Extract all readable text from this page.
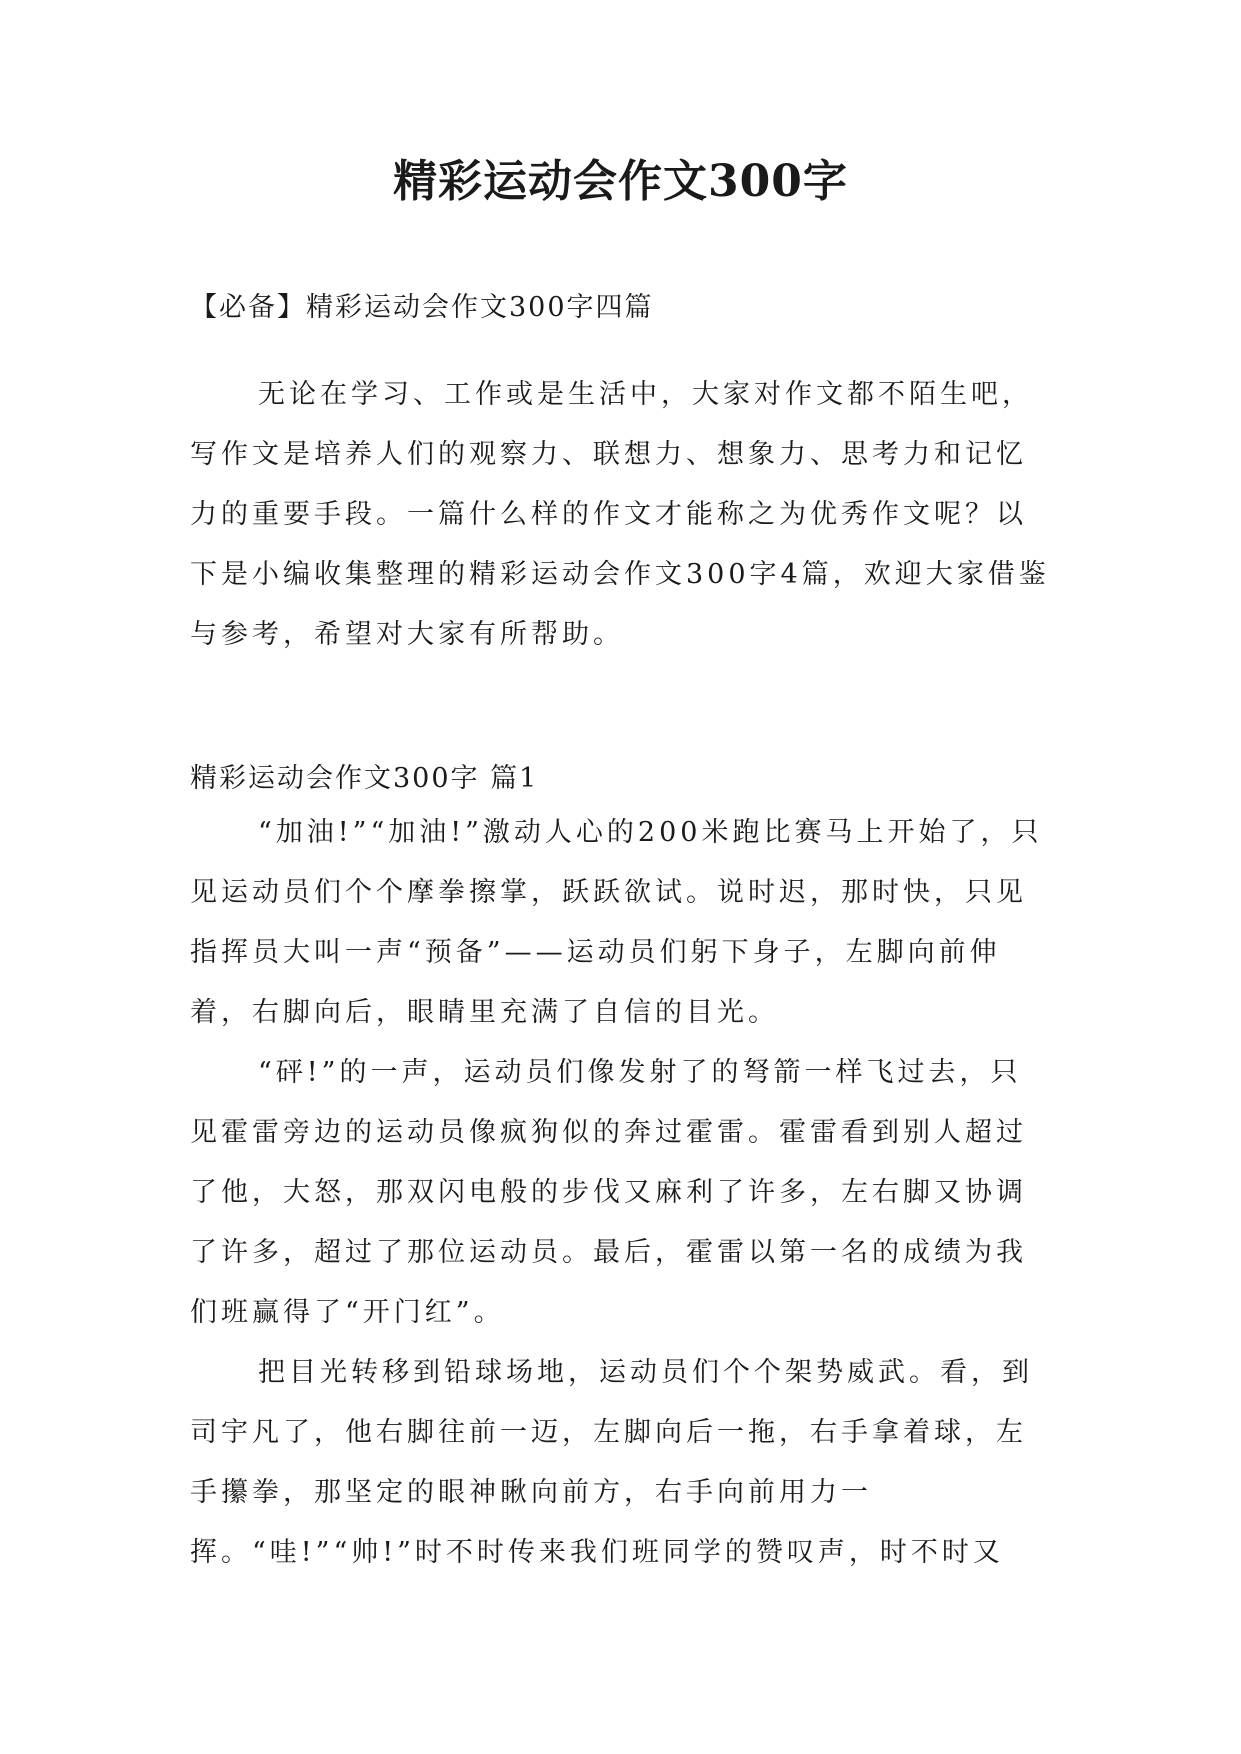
精彩运动会作文300字

【必备】精彩运动会作文300字四篇

无论在学习、工作或是生活中，大家对作文都不陌生吧，写作文是培养人们的观察力、联想力、想象力、思考力和记忆力的重要手段。一篇什么样的作文才能称之为优秀作文呢？以下是小编收集整理的精彩运动会作文300字4篇，欢迎大家借鉴与参考，希望对大家有所帮助。

精彩运动会作文300字 篇1

“加油!”“加油!”激动人心的200米跑比赛马上开始了，只见运动员们个个摩拳擦掌，跃跃欲试。说时迟，那时快，只见指挥员大叫一声“预备”——运动员们躬下身子，左脚向前伸着，右脚向后，眼睛里充满了自信的目光。

“砰!”的一声，运动员们像发射了的弩箭一样飞过去，只见霍雷旁边的运动员像疯狗似的奔过霍雷。霍雷看到别人超过了他，大怒，那双闪电般的步伐又麻利了许多，左右脚又协调了许多，超过了那位运动员。最后，霍雷以第一名的成绩为我们班赢得了“开门红”。

把目光转移到铅球场地，运动员们个个架势威武。看，到司宇凡了，他右脚往前一迈，左脚向后一拖，右手拿着球，左手攥拳，那坚定的眼神瞅向前方，右手向前用力一挥。“哇!”“帅!”时不时传来我们班同学的赞叹声，时不时又
